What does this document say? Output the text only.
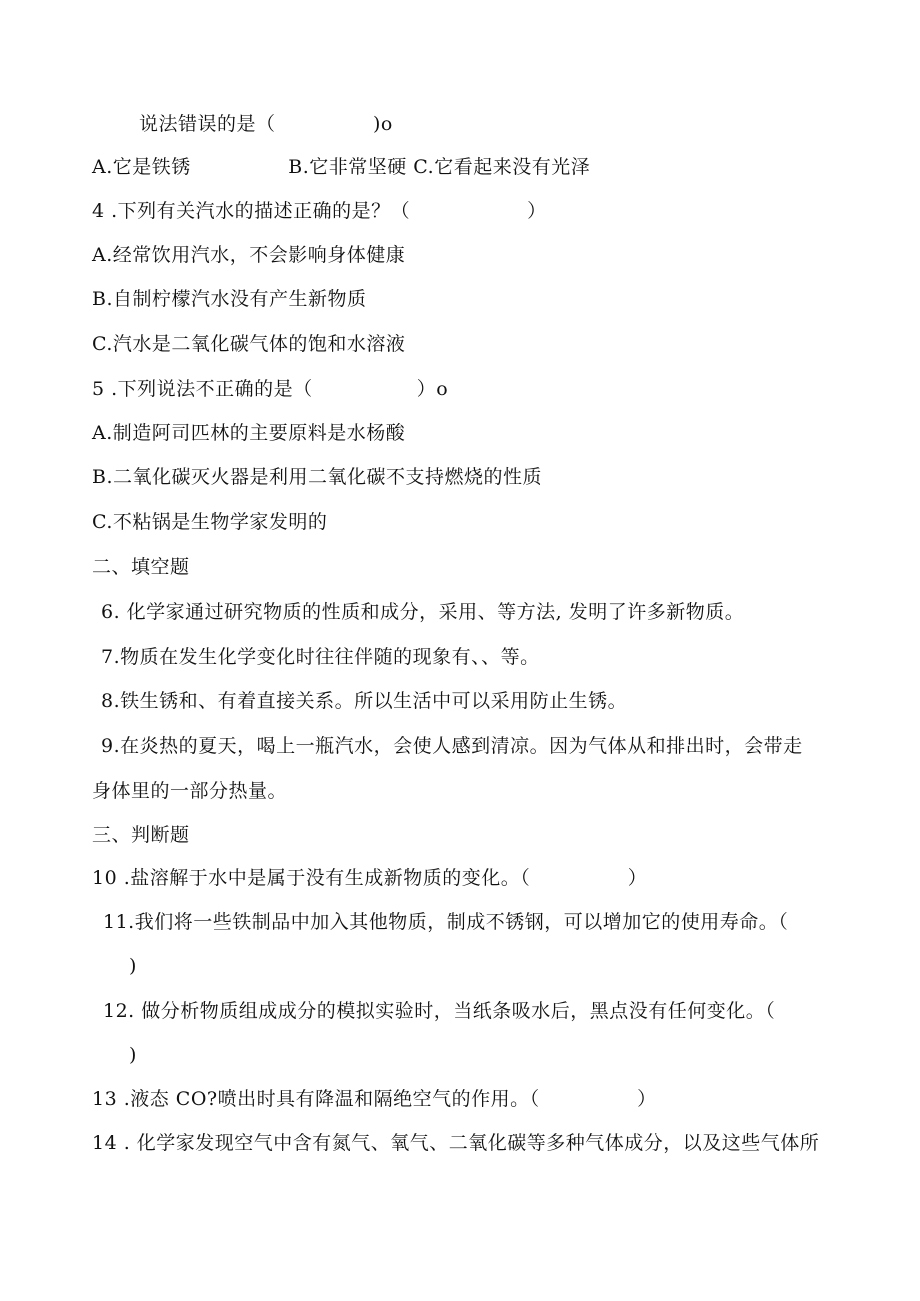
说法错误的是（　　　　　)o
A.它是铁锈　　　　　B.它非常坚硬 C.它看起来没有光泽
4 .下列有关汽水的描述正确的是？（　　　　　　）
A.经常饮用汽水，不会影响身体健康
B.自制柠檬汽水没有产生新物质
C.汽水是二氧化碳气体的饱和水溶液
5 .下列说法不正确的是（　　　　　 ）o
A.制造阿司匹林的主要原料是水杨酸
B.二氧化碳灭火器是利用二氧化碳不支持燃烧的性质
C.不粘锅是生物学家发明的
二、填空题
6. 化学家通过研究物质的性质和成分，采用、等方法, 发明了许多新物质。
7.物质在发生化学变化时往往伴随的现象有、、等。
8.铁生锈和、有着直接关系。所以生活中可以采用防止生锈。
9.在炎热的夏天，喝上一瓶汽水，会使人感到清凉。因为气体从和排出时，会带走
身体里的一部分热量。
三、判断题
10 .盐溶解于水中是属于没有生成新物质的变化。（　　　　　）
11.我们将一些铁制品中加入其他物质，制成不锈钢，可以增加它的使用寿命。（
)
12. 做分析物质组成成分的模拟实验时，当纸条吸水后，黑点没有任何变化。（
)
13 .液态 CO?喷出时具有降温和隔绝空气的作用。（　　　　　）
14 . 化学家发现空气中含有氮气、氧气、二氧化碳等多种气体成分，以及这些气体所
